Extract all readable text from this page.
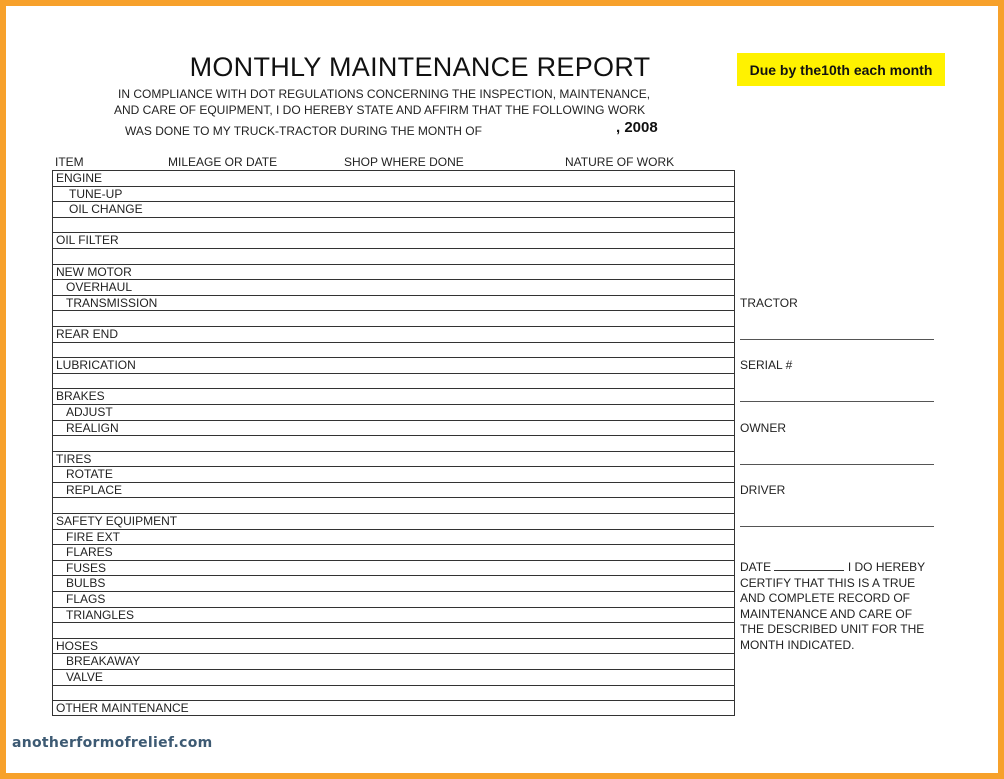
MONTHLY MAINTENANCE REPORT	Due by the10th each month
IN COMPLIANCE WITH DOT REGULATIONS CONCERNING THE INSPECTION, MAINTENANCE,
AND CARE OF EQUIPMENT, I DO HEREBY STATE AND AFFIRM THAT THE FOLLOWING WORK
WAS DONE TO MY TRUCK-TRACTOR DURING THE MONTH OF	, 2008
ITEM	MILEAGE OR DATE	SHOP WHERE DONE	NATURE OF WORK
ENGINE
TUNE-UP
OIL CHANGE
OIL FILTER
NEW MOTOR
OVERHAUL
TRANSMISSION
REAR END
LUBRICATION
BRAKES
ADJUST
REALIGN
TIRES
ROTATE
REPLACE
SAFETY EQUIPMENT
FIRE EXT
FLARES
FUSES
BULBS
FLAGS
TRIANGLES
HOSES
BREAKAWAY
VALVE
OTHER MAINTENANCE
TRACTOR
SERIAL #
OWNER
DRIVER
DATE	I DO HEREBY
CERTIFY THAT THIS IS A TRUE
AND COMPLETE RECORD OF
MAINTENANCE AND CARE OF
THE DESCRIBED UNIT FOR THE
MONTH INDICATED.
anotherformofrelief.com
